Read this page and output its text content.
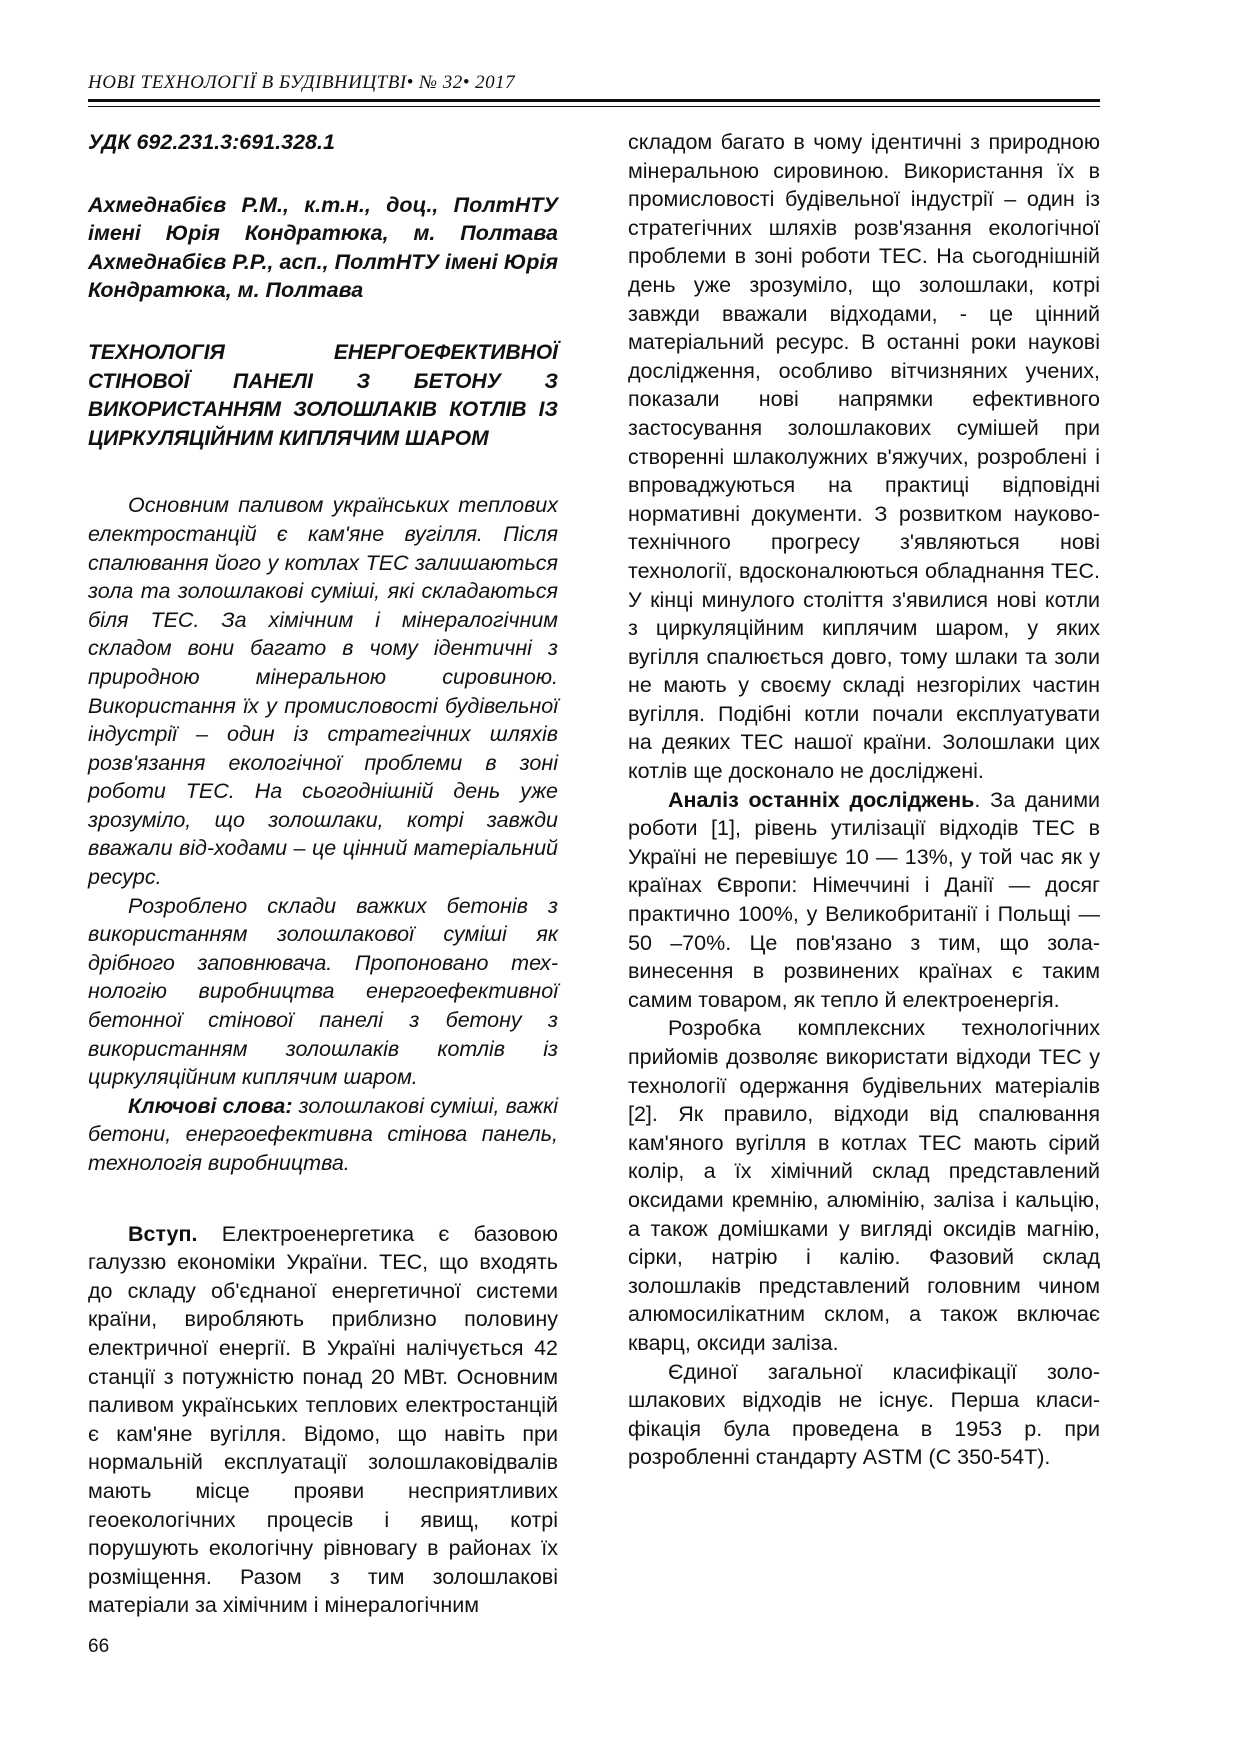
НОВІ ТЕХНОЛОГІЇ В БУДІВНИЦТВІ• № 32• 2017

УДК 692.231.3:691.328.1

Ахмеднабієв Р.М., к.т.н., доц., ПолтНТУ імені Юрія Кондратюка, м. Полтава Ахмеднабієв Р.Р., асп., ПолтНТУ імені Юрія Кондратюка, м. Полтава

ТЕХНОЛОГІЯ ЕНЕРГОЕФЕКТИВНОЇ СТІНОВОЇ ПАНЕЛІ З БЕТОНУ З ВИКОРИСТАННЯМ ЗОЛОШЛАКІВ КОТЛІВ ІЗ ЦИРКУЛЯЦІЙНИМ КИПЛЯЧИМ ШАРОМ

Основним паливом українських теплових електростанцій є кам'яне вугілля. Після спалювання його у котлах ТЕС залишаються зола та золошлакові суміші, які складаються біля ТЕС. За хімічним і мінералогічним складом вони багато в чому ідентичні з природною мінеральною сировиною. Використання їх у промисловості будівельної індустрії – один із стратегічних шляхів розв'язання екологічної проблеми в зоні роботи ТЕС. На сьогоднішній день уже зрозуміло, що золошлаки, котрі завжди вважали від-ходами – це цінний матеріальний ресурс.

Розроблено склади важких бетонів з використанням золошлакової суміші як дрібного заповнювача. Пропоновано тех-нологію виробництва енергоефективної бетонної стінової панелі з бетону з використанням золошлаків котлів із циркуляційним киплячим шаром.

Ключові слова: золошлакові суміші, важкі бетони, енергоефективна стінова панель, технологія виробництва.

Вступ. Електроенергетика є базовою галуззю економіки України. ТЕС, що входять до складу об'єднаної енергетичної системи країни, виробляють приблизно половину електричної енергії. В Україні налічується 42 станції з потужністю понад 20 МВт. Основним паливом українських теплових електростанцій є кам'яне вугілля. Відомо, що навіть при нормальній експлуатації золошлаковідвалів мають місце прояви несприятливих геоекологічних процесів і явищ, котрі порушують екологічну рівновагу в районах їх розміщення. Разом з тим золошлакові матеріали за хімічним і мінералогічним

складом багато в чому ідентичні з природною мінеральною сировиною. Використання їх в промисловості будівельної індустрії – один із стратегічних шляхів розв'язання екологічної проблеми в зоні роботи ТЕС. На сьогоднішній день уже зрозуміло, що золошлаки, котрі завжди вважали відходами, - це цінний матеріальний ресурс. В останні роки наукові дослідження, особливо вітчизняних учених, показали нові напрямки ефективного застосування золошлакових сумішей при створенні шлаколужних в'яжучих, розроблені і впроваджуються на практиці відповідні нормативні документи. З розвитком науково-технічного прогресу з'являються нові технології, вдосконалюються обладнання ТЕС. У кінці минулого століття з'явилися нові котли з циркуляційним киплячим шаром, у яких вугілля спалюється довго, тому шлаки та золи не мають у своєму складі незгорілих частин вугілля. Подібні котли почали експлуатувати на деяких ТЕС нашої країни. Золошлаки цих котлів ще досконало не досліджені.

Аналіз останніх досліджень. За даними роботи [1], рівень утилізації відходів ТЕС в Україні не перевішує 10 — 13%, у той час як у країнах Європи: Німеччині і Данії — досяг практично 100%, у Великобританії і Польщі — 50 –70%. Це пов'язано з тим, що зола-винесення в розвинених країнах є таким самим товаром, як тепло й електроенергія.

Розробка комплексних технологічних прийомів дозволяє використати відходи ТЕС у технології одержання будівельних матеріалів [2]. Як правило, відходи від спалювання кам'яного вугілля в котлах ТЕС мають сірий колір, а їх хімічний склад представлений оксидами кремнію, алюмінію, заліза і кальцію, а також домішками у вигляді оксидів магнію, сірки, натрію і калію. Фазовий склад золошлаків представлений головним чином алюмосилікатним склом, а також включає кварц, оксиди заліза.

Єдиної загальної класифікації золо-шлакових відходів не існує. Перша класи-фікація була проведена в 1953 р. при розробленні стандарту ASTM (С 350-54Т).

66
